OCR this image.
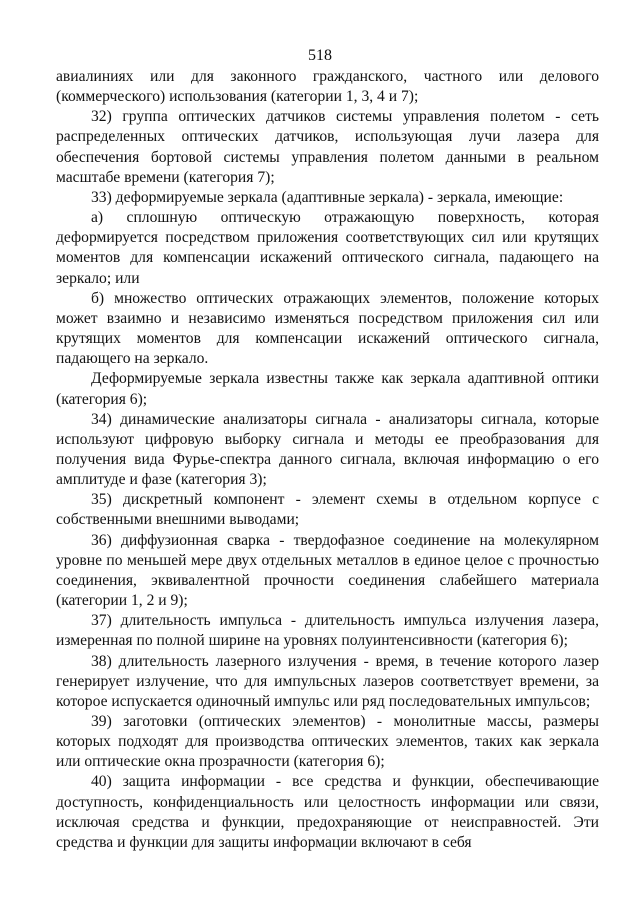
518

авиалиниях или для законного гражданского, частного или делового (коммерческого) использования (категории 1, 3, 4 и 7);

32) группа оптических датчиков системы управления полетом - сеть распределенных оптических датчиков, использующая лучи лазера для обеспечения бортовой системы управления полетом данными в реальном масштабе времени (категория 7);

33) деформируемые зеркала (адаптивные зеркала) - зеркала, имеющие:

а) сплошную оптическую отражающую поверхность, которая деформируется посредством приложения соответствующих сил или крутящих моментов для компенсации искажений оптического сигнала, падающего на зеркало; или

б) множество оптических отражающих элементов, положение которых может взаимно и независимо изменяться посредством приложения сил или крутящих моментов для компенсации искажений оптического сигнала, падающего на зеркало.

Деформируемые зеркала известны также как зеркала адаптивной оптики (категория 6);

34) динамические анализаторы сигнала - анализаторы сигнала, которые используют цифровую выборку сигнала и методы ее преобразования для получения вида Фурье-спектра данного сигнала, включая информацию о его амплитуде и фазе (категория 3);

35) дискретный компонент - элемент схемы в отдельном корпусе с собственными внешними выводами;

36) диффузионная сварка - твердофазное соединение на молекулярном уровне по меньшей мере двух отдельных металлов в единое целое с прочностью соединения, эквивалентной прочности соединения слабейшего материала (категории 1, 2 и 9);

37) длительность импульса - длительность импульса излучения лазера, измеренная по полной ширине на уровнях полуинтенсивности (категория 6);

38) длительность лазерного излучения - время, в течение которого лазер генерирует излучение, что для импульсных лазеров соответствует времени, за которое испускается одиночный импульс или ряд последовательных импульсов;

39) заготовки (оптических элементов) - монолитные массы, размеры которых подходят для производства оптических элементов, таких как зеркала или оптические окна прозрачности (категория 6);

40) защита информации - все средства и функции, обеспечивающие доступность, конфиденциальность или целостность информации или связи, исключая средства и функции, предохраняющие от неисправностей. Эти средства и функции для защиты информации включают в себя
